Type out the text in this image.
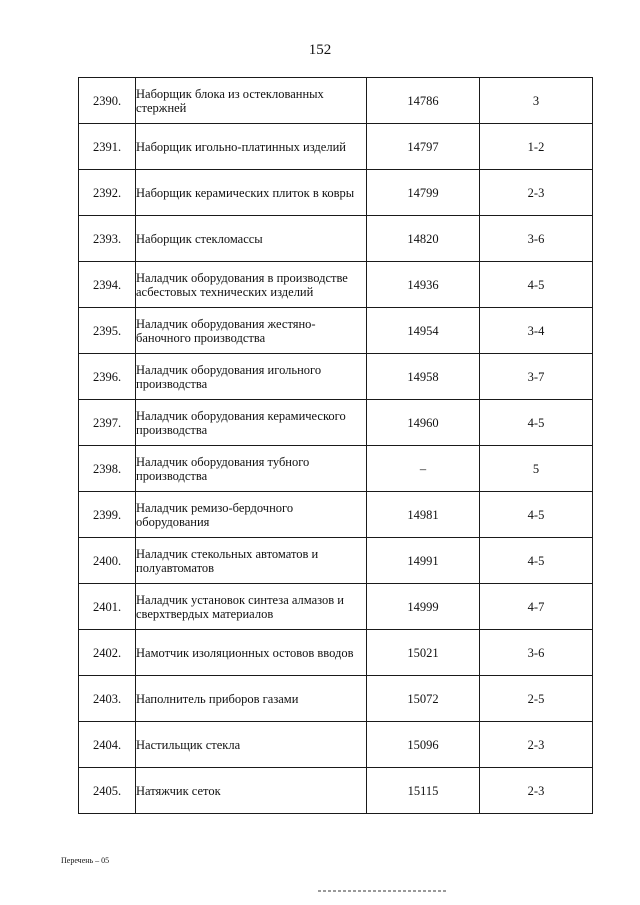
152
2390.	Наборщик блока из остеклованных стержней	14786	3
2391.	Наборщик игольно-платинных изделий	14797	1-2
2392.	Наборщик керамических плиток в ковры	14799	2-3
2393.	Наборщик стекломассы	14820	3-6
2394.	Наладчик оборудования в производстве асбестовых технических изделий	14936	4-5
2395.	Наладчик оборудования жестяно-баночного производства	14954	3-4
2396.	Наладчик оборудования игольного производства	14958	3-7
2397.	Наладчик оборудования керамического производства	14960	4-5
2398.	Наладчик оборудования тубного производства	–	5
2399.	Наладчик ремизо-бердочного оборудования	14981	4-5
2400.	Наладчик стекольных автоматов и полуавтоматов	14991	4-5
2401.	Наладчик установок синтеза алмазов и сверхтвердых материалов	14999	4-7
2402.	Намотчик изоляционных остовов вводов	15021	3-6
2403.	Наполнитель приборов газами	15072	2-5
2404.	Настильщик стекла	15096	2-3
2405.	Натяжчик сеток	15115	2-3
Перечень – 05
